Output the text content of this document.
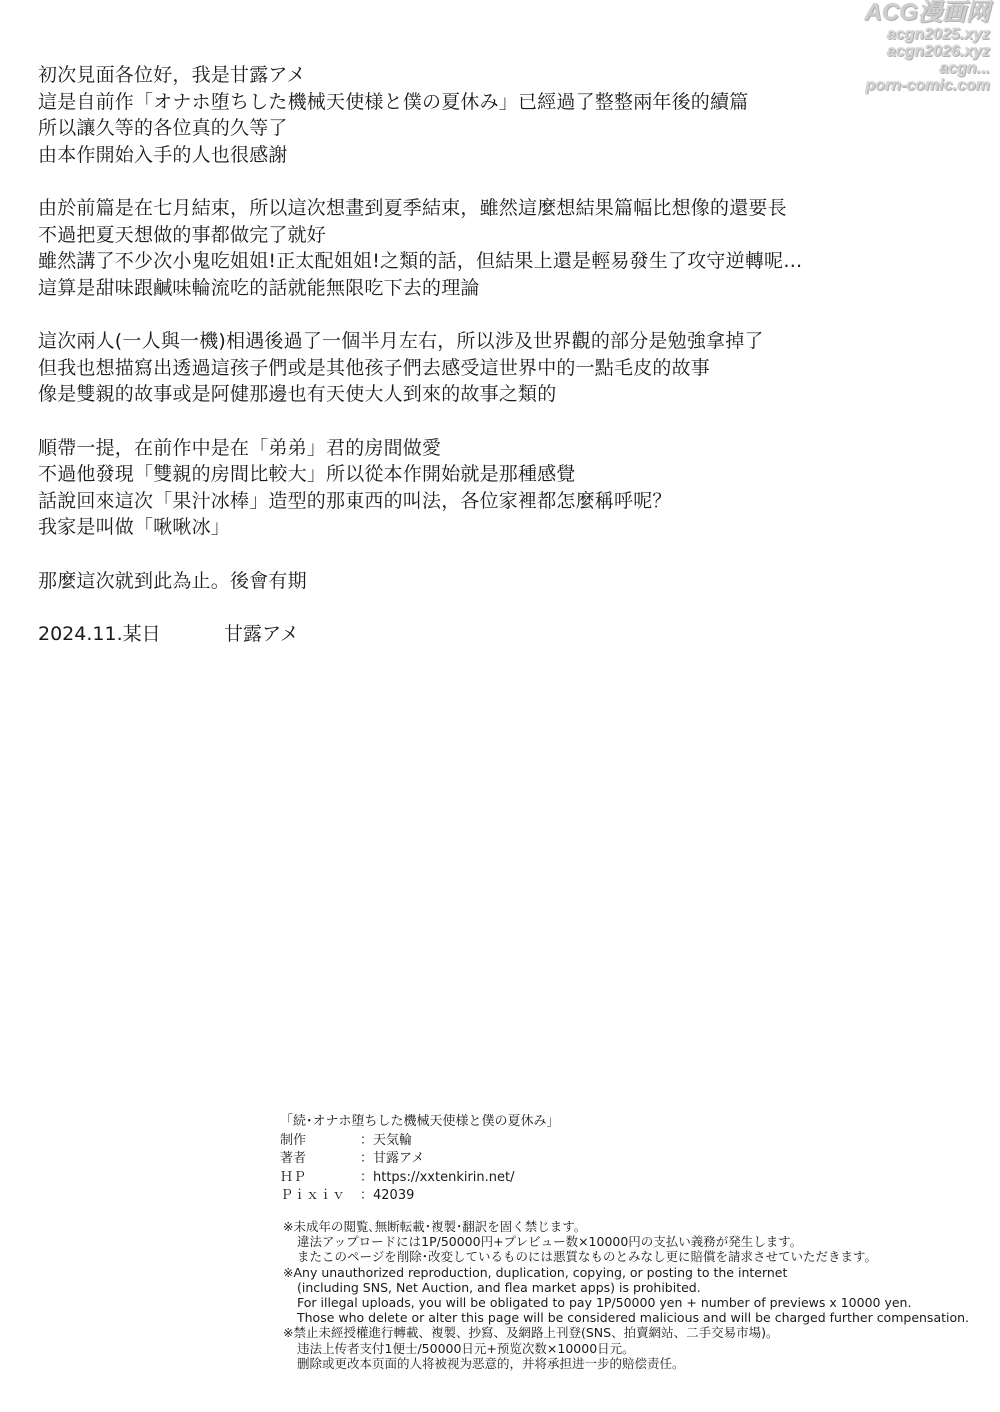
ACG漫画网
acgn2025.xyz
acgn2026.xyz
acgn...
porn-comic.com
初次見面各位好，我是甘露アメ
這是自前作「オナホ堕ちした機械天使様と僕の夏休み」已經過了整整兩年後的續篇
所以讓久等的各位真的久等了
由本作開始入手的人也很感謝
由於前篇是在七月結束，所以這次想畫到夏季結束，雖然這麼想結果篇幅比想像的還要長
不過把夏天想做的事都做完了就好
雖然講了不少次小鬼吃姐姐!正太配姐姐!之類的話，但結果上還是輕易發生了攻守逆轉呢…
這算是甜味跟鹹味輪流吃的話就能無限吃下去的理論
這次兩人(一人與一機)相遇後過了一個半月左右，所以涉及世界觀的部分是勉強拿掉了
但我也想描寫出透過這孩子們或是其他孩子們去感受這世界中的一點毛皮的故事
像是雙親的故事或是阿健那邊也有天使大人到來的故事之類的
順帶一提，在前作中是在「弟弟」君的房間做愛
不過他發現「雙親的房間比較大」所以從本作開始就是那種感覺
話說回來這次「果汁冰棒」造型的那東西的叫法，各位家裡都怎麼稱呼呢？
我家是叫做「啾啾冰」
那麼這次就到此為止。後會有期
2024.11.某日	甘露アメ
「続･オナホ堕ちした機械天使様と僕の夏休み」
制作	：天気輪
著者	：甘露アメ
ＨＰ	：https://xxtenkirin.net/
Ｐｉｘｉｖ ：42039
※未成年の閲覧､無断転載･複製･翻訳を固く禁じます。
違法アップロードには1P/50000円+プレビュー数×10000円の支払い義務が発生します。
またこのページを削除･改変しているものには悪質なものとみなし更に賠償を請求させていただきます。
※Any unauthorized reproduction, duplication, copying, or posting to the internet
(including SNS, Net Auction, and flea market apps) is prohibited.
For illegal uploads, you will be obligated to pay 1P/50000 yen + number of previews x 10000 yen.
Those who delete or alter this page will be considered malicious and will be charged further compensation.
※禁止未經授權進行轉載、複製、抄寫、及網路上刊登(SNS、拍賣網站、二手交易市場)。
违法上传者支付1便士/50000日元+预览次数×10000日元。
删除或更改本页面的人将被视为恶意的，并将承担进一步的赔偿责任。
